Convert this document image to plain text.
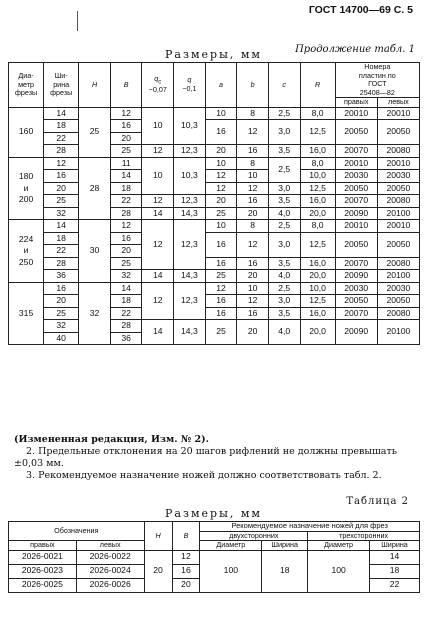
ГОСТ 14700—69 С. 5
Продолжение табл. 1
Размеры, мм
Диа-
метр
фрезы	Ши-
рина
фрезы	H	B	$q_c$
−0,07	q
−0,1	a	b	c	R	Номера
пластин по
ГОСТ
25408—82	
										правых	левых
160	14	25	12	10	10,3	10	8	2,5	8,0	20010	20010
	18		16			16	12	3,0	12,5	20050	20050
	22		20								
	28		25	12	12,3	20	16	3,5	16,0	20070	20080
180
и
200	12	28	11	10	10,3	10	8	2,5	8,0	20010	20010
	16		14			12	10		10,0	20030	20030
	20		18			12	12	3,0	12,5	20050	20050
	25		22	12	12,3	20	16	3,5	16,0	20070	20080
	32		28	14	14,3	25	20	4,0	20,0	20090	20100
224
и
250	14	30	12	12	12,3	10	8	2,5	8,0	20010	20010
	18		16			16	12	3,0	12,5	20050	20050
	22		20								
	28		25			16	16	3,5	16,0	20070	20080
	36		32	14	14,3	25	20	4,0	20,0	20090	20100
315	16	32	14	12	12,3	12	10	2,5	10,0	20030	20030
	20		18			16	12	3,0	12,5	20050	20050
	25		22			16	16	3,5	16,0	20070	20080
	32		28	14	14,3	25	20	4,0	20,0	20090	20100
	40		36								

(Измененная редакция, Изм. № 2).

2. Предельные отклонения на 20 шагов рифлений не должны превышать ±0,03 мм.

3. Рекомендуемое назначение ножей должно соответствовать табл. 2.

Таблица 2
Размеры, мм
Обозначения		H	B	Рекомендуемое назначение ножей для фрез			
				двухсторонних		трехсторонних	
правых	левых			Диаметр	Ширина	Диаметр	Ширина
2026-0021	2026-0022	20	12	100	18	100	14
2026-0023	2026-0024		16				18
2026-0025	2026-0026		20				22
